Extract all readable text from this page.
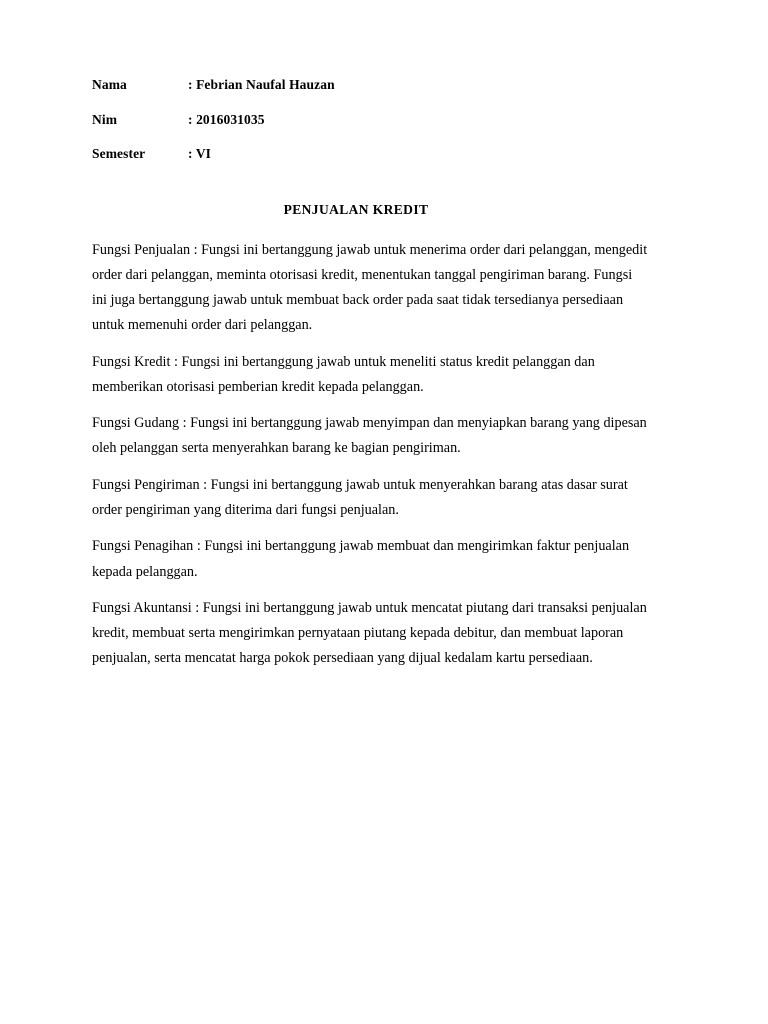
Nama	: Febrian Naufal Hauzan
Nim	: 2016031035
Semester	: VI
PENJUALAN KREDIT

Fungsi Penjualan : Fungsi ini bertanggung jawab untuk menerima order dari pelanggan, mengedit order dari pelanggan, meminta otorisasi kredit, menentukan tanggal pengiriman barang. Fungsi ini juga bertanggung jawab untuk membuat back order pada saat tidak tersedianya persediaan untuk memenuhi order dari pelanggan.

Fungsi Kredit : Fungsi ini bertanggung jawab untuk meneliti status kredit pelanggan dan memberikan otorisasi pemberian kredit kepada pelanggan.

Fungsi Gudang : Fungsi ini bertanggung jawab menyimpan dan menyiapkan barang yang dipesan oleh pelanggan serta menyerahkan barang ke bagian pengiriman.

Fungsi Pengiriman : Fungsi ini bertanggung jawab untuk menyerahkan barang atas dasar surat order pengiriman yang diterima dari fungsi penjualan.

Fungsi Penagihan : Fungsi ini bertanggung jawab membuat dan mengirimkan faktur penjualan kepada pelanggan.

Fungsi Akuntansi : Fungsi ini bertanggung jawab untuk mencatat piutang dari transaksi penjualan kredit, membuat serta mengirimkan pernyataan piutang kepada debitur, dan membuat laporan penjualan, serta mencatat harga pokok persediaan yang dijual kedalam kartu persediaan.
